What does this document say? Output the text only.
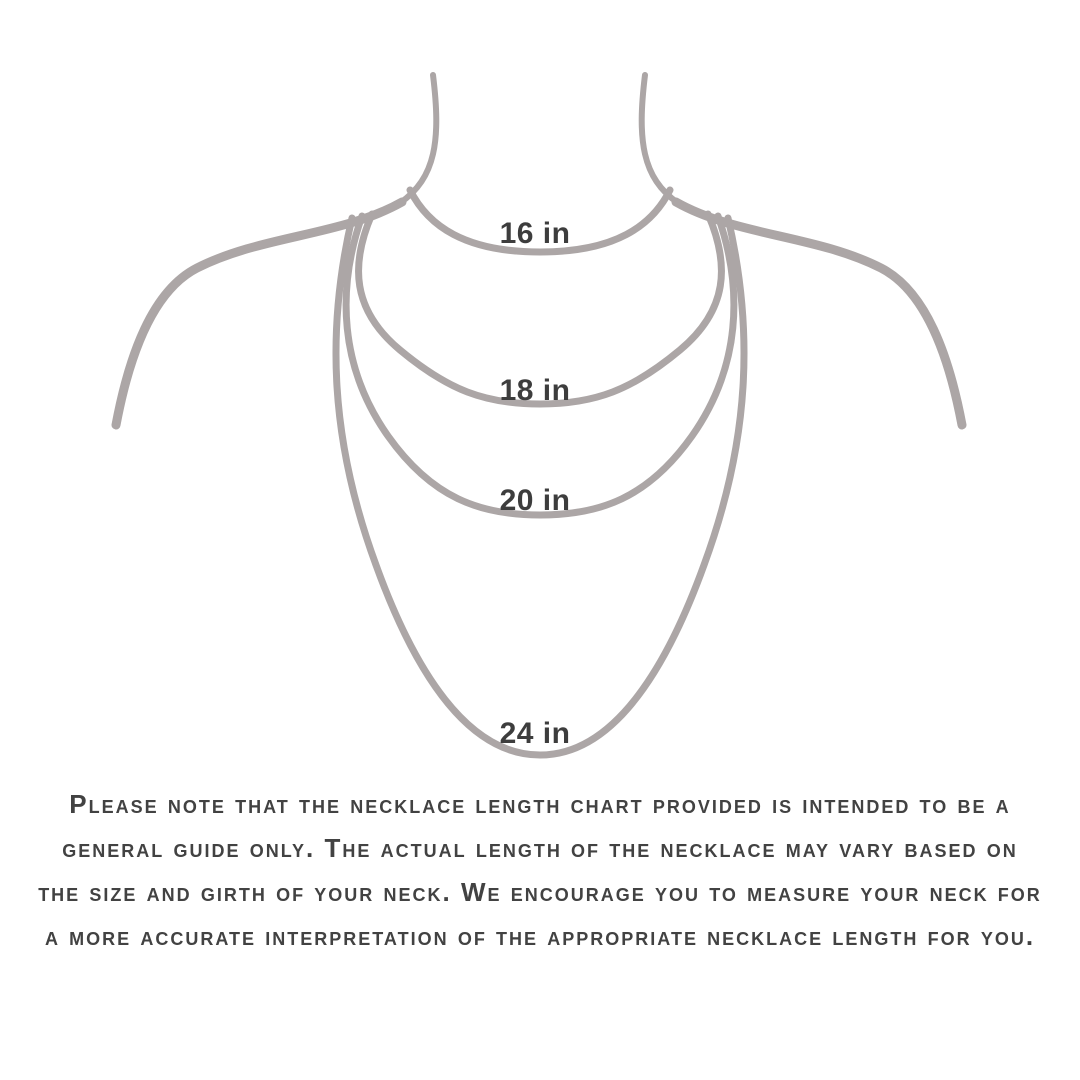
16 in
18 in
20 in
24 in

Please note that the necklace length chart provided is intended to be a general guide only. The actual length of the necklace may vary based on the size and girth of your neck. We encourage you to measure your neck for a more accurate interpretation of the appropriate necklace length for you.
